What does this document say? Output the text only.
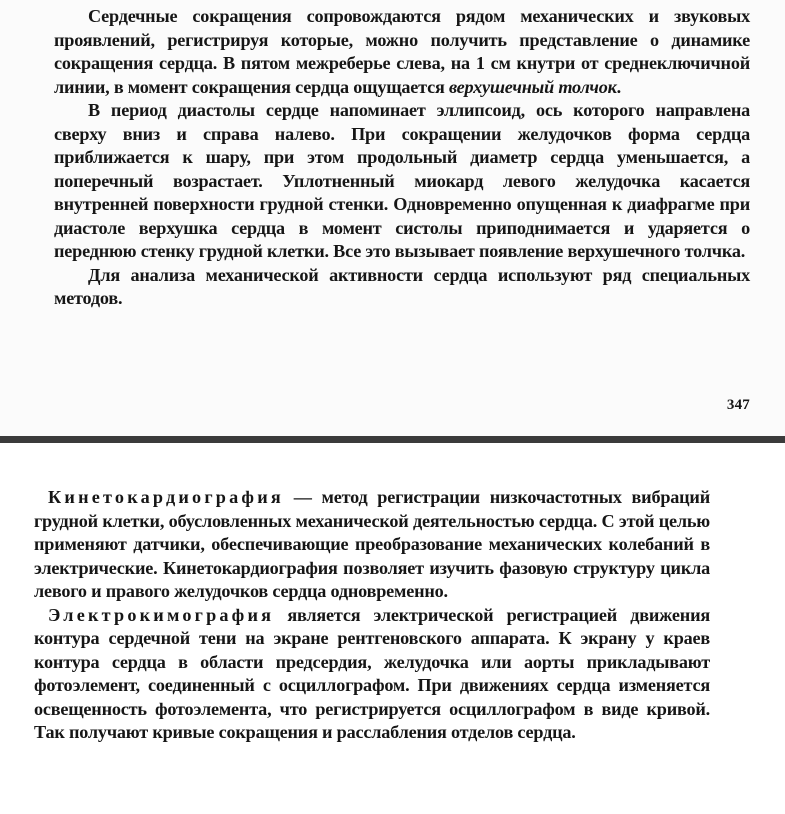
Сердечные сокращения сопровождаются рядом механических и звуковых проявлений, регистрируя которые, можно получить представление о динамике сокращения сердца. В пятом межреберье слева, на 1 см кнутри от среднеключичной линии, в момент сокращения сердца ощущается верхушечный толчок.

В период диастолы сердце напоминает эллипсоид, ось которого направлена сверху вниз и справа налево. При сокращении желудочков форма сердца приближается к шару, при этом продольный диаметр сердца уменьшается, а поперечный возрастает. Уплотненный миокард левого желудочка касается внутренней поверхности грудной стенки. Одновременно опущенная к диафрагме при диастоле верхушка сердца в момент систолы приподнимается и ударяется о переднюю стенку грудной клетки. Все это вызывает появление верхушечного толчка.

Для анализа механической активности сердца используют ряд специальных методов.

347

Кинетокардиография — метод регистрации низкочастотных вибраций грудной клетки, обусловленных механической деятельностью сердца. С этой целью применяют датчики, обеспечивающие преобразование механических колебаний в электрические. Кинетокардиография позволяет изучить фазовую структуру цикла левого и правого желудочков сердца одновременно.

Электрокимография является электрической регистрацией движения контура сердечной тени на экране рентгеновского аппарата. К экрану у краев контура сердца в области предсердия, желудочка или аорты прикладывают фотоэлемент, соединенный с осциллографом. При движениях сердца изменяется освещенность фотоэлемента, что регистрируется осциллографом в виде кривой. Так получают кривые сокращения и расслабления отделов сердца.
